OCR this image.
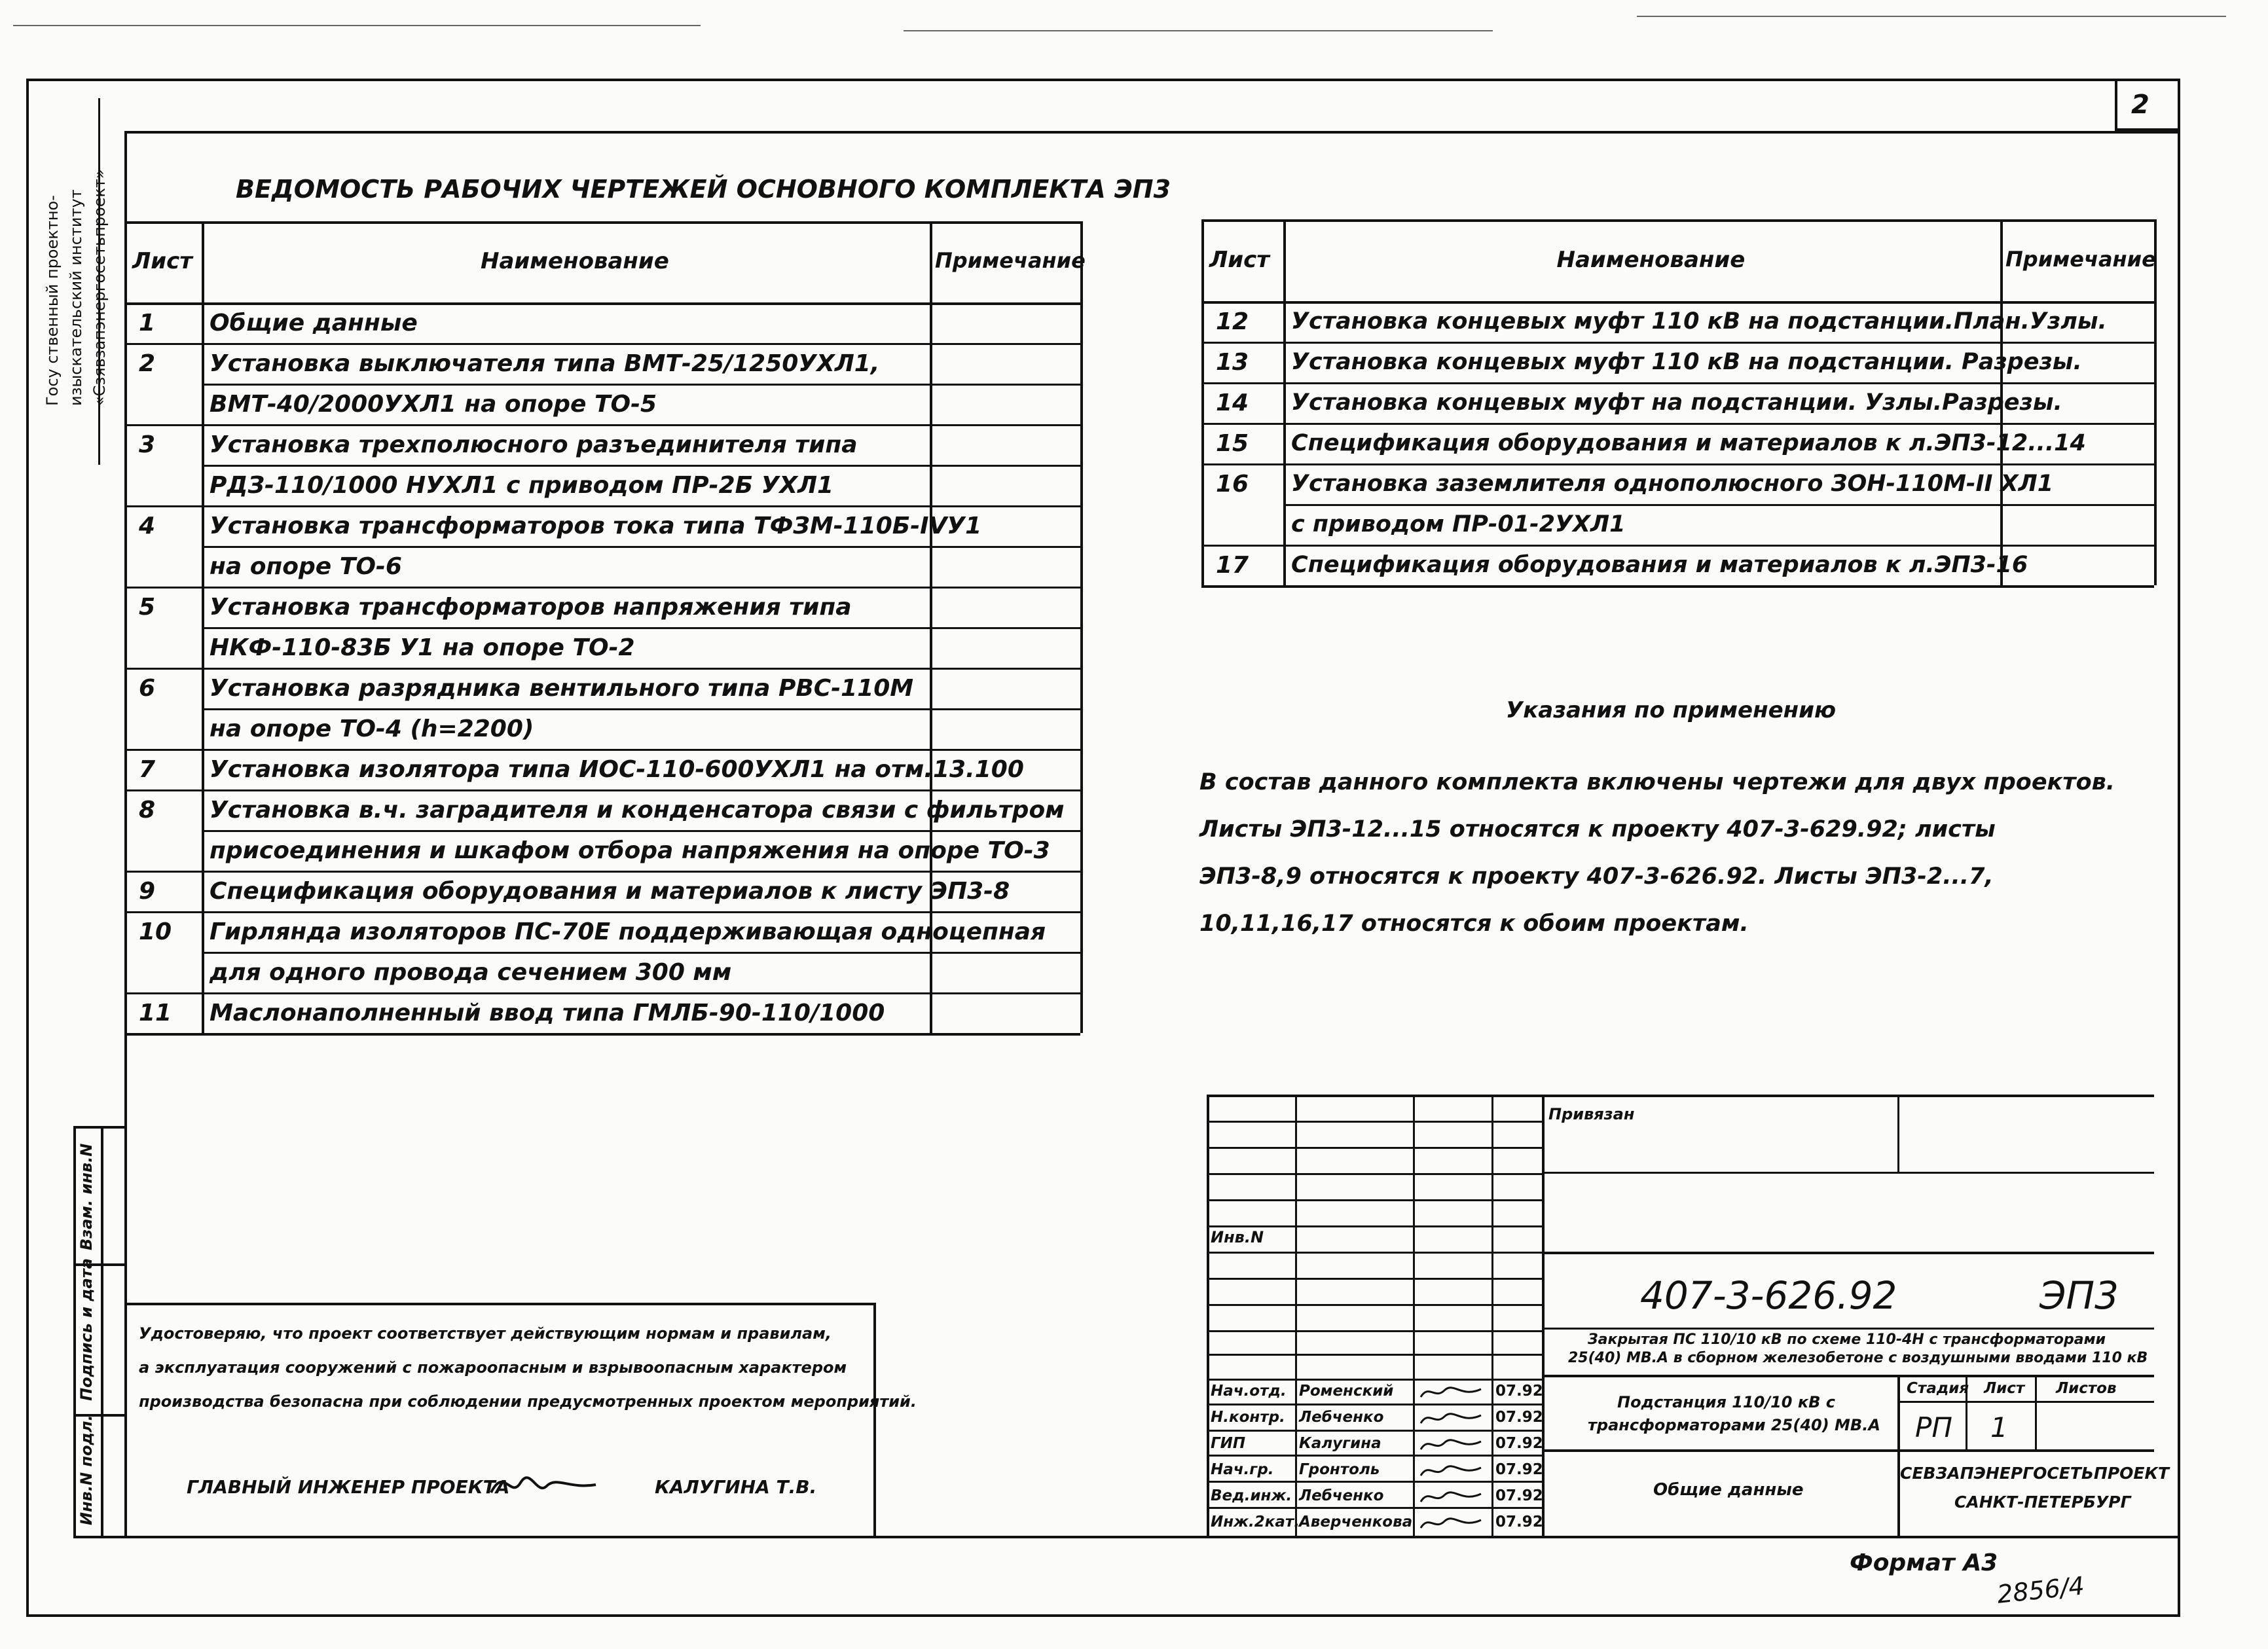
2
Госу ственный проектно- изыскательский институт «Сзявзапэнергосетьпроект»	ВЕДОМОСТЬ РАБОЧИХ ЧЕРТЕЖЕЙ ОСНОВНОГО КОМПЛЕКТА ЭП3
Лист	Наименование	Примечание
1 Общие данные
2 Установка выключателя типа ВМТ-25/1250УХЛ1,
ВМТ-40/2000УХЛ1 на опоре ТО-5
3 Установка трехполюсного разъединителя типа
РДЗ-110/1000 НУХЛ1 с приводом ПР-2Б УХЛ1
4 Установка трансформаторов тока типа ТФЗМ-110Б-IVУ1
на опоре ТО-6
5 Установка трансформаторов напряжения типа
НКФ-110-83Б У1 на опоре ТО-2
6 Установка разрядника вентильного типа РВС-110М
на опоре ТО-4 (h=2200)
7 Установка изолятора типа ИОС-110-600УХЛ1 на отм.13.100
8 Установка в.ч. заградителя и конденсатора связи с фильтром
присоединения и шкафом отбора напряжения на опоре ТО-3
9 Спецификация оборудования и материалов к листу ЭП3-8
10 Гирлянда изоляторов ПС-70Е поддерживающая одноцепная
для одного провода сечением 300 мм
11 Маслонаполненный ввод типа ГМЛБ-90-110/1000
Лист	Наименование	Примечание
12 Установка концевых муфт 110 кВ на подстанции.План.Узлы.
13 Установка концевых муфт 110 кВ на подстанции. Разрезы.
14 Установка концевых муфт на подстанции. Узлы.Разрезы.
15 Спецификация оборудования и материалов к л.ЭП3-12...14
16 Установка заземлителя однополюсного ЗОН-110М-II ХЛ1
с приводом ПР-01-2УХЛ1
17 Спецификация оборудования и материалов к л.ЭП3-16
Указания по применению
В состав данного комплекта включены чертежи для двух проектов.
Листы ЭП3-12...15 относятся к проекту 407-3-629.92; листы
ЭП3-8,9 относятся к проекту 407-3-626.92. Листы ЭП3-2...7,
10,11,16,17 относятся к обоим проектам.
Удостоверяю, что проект соответствует действующим нормам и правилам,
а эксплуатация сооружений с пожароопасным и взрывоопасным характером
производства безопасна при соблюдении предусмотренных проектом мероприятий.
ГЛАВНЫЙ ИНЖЕНЕР ПРОЕКТА	КАЛУГИНА Т.В.
Взам. инв.N
Подпись и дата
Инв.N подл.
Инв.N
Нач.отд. Роменский	07.92
Н.контр. Лебченко	07.92
ГИП	Калугина	07.92
Нач.гр. Гронтоль	07.92
Вед.инж. Лебченко	07.92
Инж.2кат. Аверченкова	07.92
Привязан
407-3-626.92	ЭП3
Закрытая ПС 110/10 кВ по схеме 110-4Н с трансформаторами
25(40) МВ.А в сборном железобетоне с воздушными вводами 110 кВ
Подстанция 110/10 кВ с
трансформаторами 25(40) МВ.А
Общие данные
Стадия Лист Листов
РП 1
СЕВЗАПЭНЕРГОСЕТЬПРОЕКТ
САНКТ-ПЕТЕРБУРГ
Формат А3
2856/4
